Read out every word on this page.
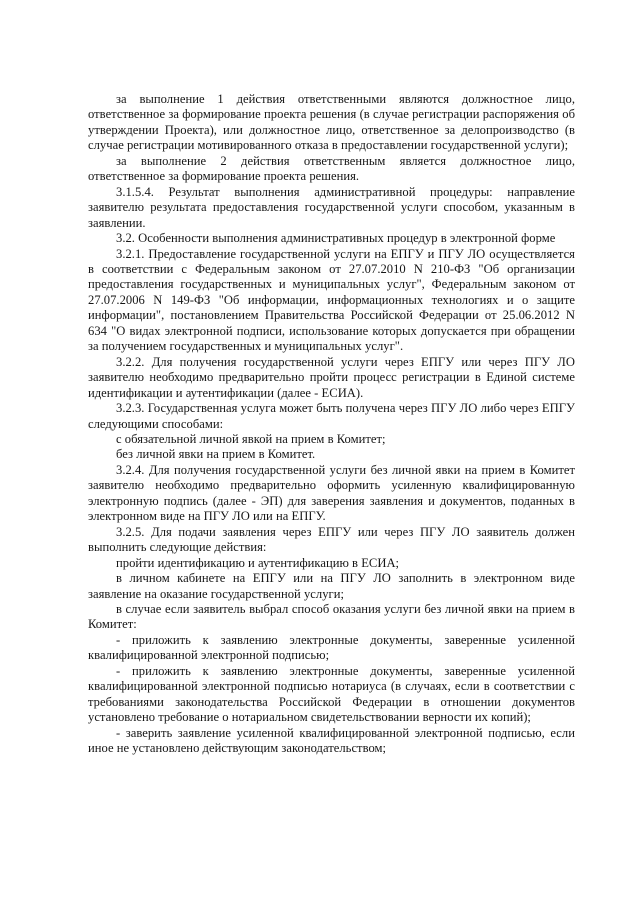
за выполнение 1 действия ответственными являются должностное лицо, ответственное за формирование проекта решения (в случае регистрации распоряжения об утверждении Проекта), или должностное лицо, ответственное за делопроизводство (в случае регистрации мотивированного отказа в предоставлении государственной услуги);

за выполнение 2 действия ответственным является должностное лицо, ответственное за формирование проекта решения.

3.1.5.4. Результат выполнения административной процедуры: направление заявителю результата предоставления государственной услуги способом, указанным в заявлении.

3.2. Особенности выполнения административных процедур в электронной форме

3.2.1. Предоставление государственной услуги на ЕПГУ и ПГУ ЛО осуществляется в соответствии с Федеральным законом от 27.07.2010 N 210-ФЗ "Об организации предоставления государственных и муниципальных услуг", Федеральным законом от 27.07.2006 N 149-ФЗ "Об информации, информационных технологиях и о защите информации", постановлением Правительства Российской Федерации от 25.06.2012 N 634 "О видах электронной подписи, использование которых допускается при обращении за получением государственных и муниципальных услуг".

3.2.2. Для получения государственной услуги через ЕПГУ или через ПГУ ЛО заявителю необходимо предварительно пройти процесс регистрации в Единой системе идентификации и аутентификации (далее - ЕСИА).

3.2.3. Государственная услуга может быть получена через ПГУ ЛО либо через ЕПГУ следующими способами:

с обязательной личной явкой на прием в Комитет;

без личной явки на прием в Комитет.

3.2.4. Для получения государственной услуги без личной явки на прием в Комитет заявителю необходимо предварительно оформить усиленную квалифицированную электронную подпись (далее - ЭП) для заверения заявления и документов, поданных в электронном виде на ПГУ ЛО или на ЕПГУ.

3.2.5. Для подачи заявления через ЕПГУ или через ПГУ ЛО заявитель должен выполнить следующие действия:

пройти идентификацию и аутентификацию в ЕСИА;

в личном кабинете на ЕПГУ или на ПГУ ЛО заполнить в электронном виде заявление на оказание государственной услуги;

в случае если заявитель выбрал способ оказания услуги без личной явки на прием в Комитет:

- приложить к заявлению электронные документы, заверенные усиленной квалифицированной электронной подписью;

- приложить к заявлению электронные документы, заверенные усиленной квалифицированной электронной подписью нотариуса (в случаях, если в соответствии с требованиями законодательства Российской Федерации в отношении документов установлено требование о нотариальном свидетельствовании верности их копий);

- заверить заявление усиленной квалифицированной электронной подписью, если иное не установлено действующим законодательством;
